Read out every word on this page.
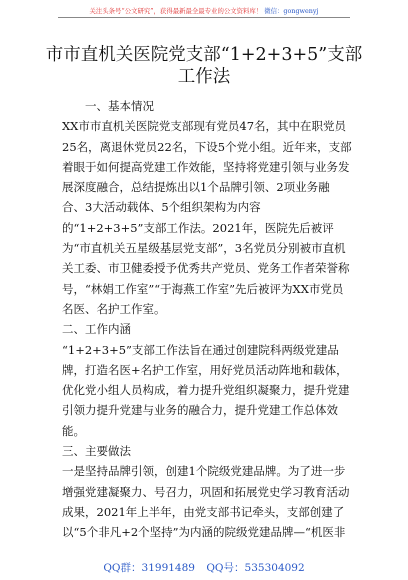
关注头条号“公文研究”，获得最新最全最专业的公文资料库！ 微信：gongwenyj
市市直机关医院党支部“1+2+3+5”支部
工作法

一、基本情况

XX市市直机关医院党支部现有党员47名，其中在职党员25名，离退休党员22名，下设5个党小组。近年来，支部着眼于如何提高党建工作效能，坚持将党建引领与业务发展深度融合，总结提炼出以1个品牌引领、2项业务融合、3大活动载体、5个组织架构为内容的“1+2+3+5”支部工作法。2021年，医院先后被评为“市直机关五星级基层党支部”，3名党员分别被市直机关工委、市卫健委授予优秀共产党员、党务工作者荣誉称号，“林娟工作室”“于海燕工作室”先后被评为XX市党员名医、名护工作室。

二、工作内涵

“1+2+3+5”支部工作法旨在通过创建院科两级党建品牌，打造名医+名护工作室，用好党员活动阵地和载体，优化党小组人员构成，着力提升党组织凝聚力，提升党建引领力提升党建与业务的融合力，提升党建工作总体效能。

三、主要做法

一是坚持品牌引领，创建1个院级党建品牌。为了进一步增强党建凝聚力、号召力，巩固和拓展党史学习教育活动成果，2021年上半年，由党支部书记牵头，支部创建了以“5个非凡+2个坚持”为内涵的院级党建品牌—“机医非

QQ群：31991489 QQ号：535304092
